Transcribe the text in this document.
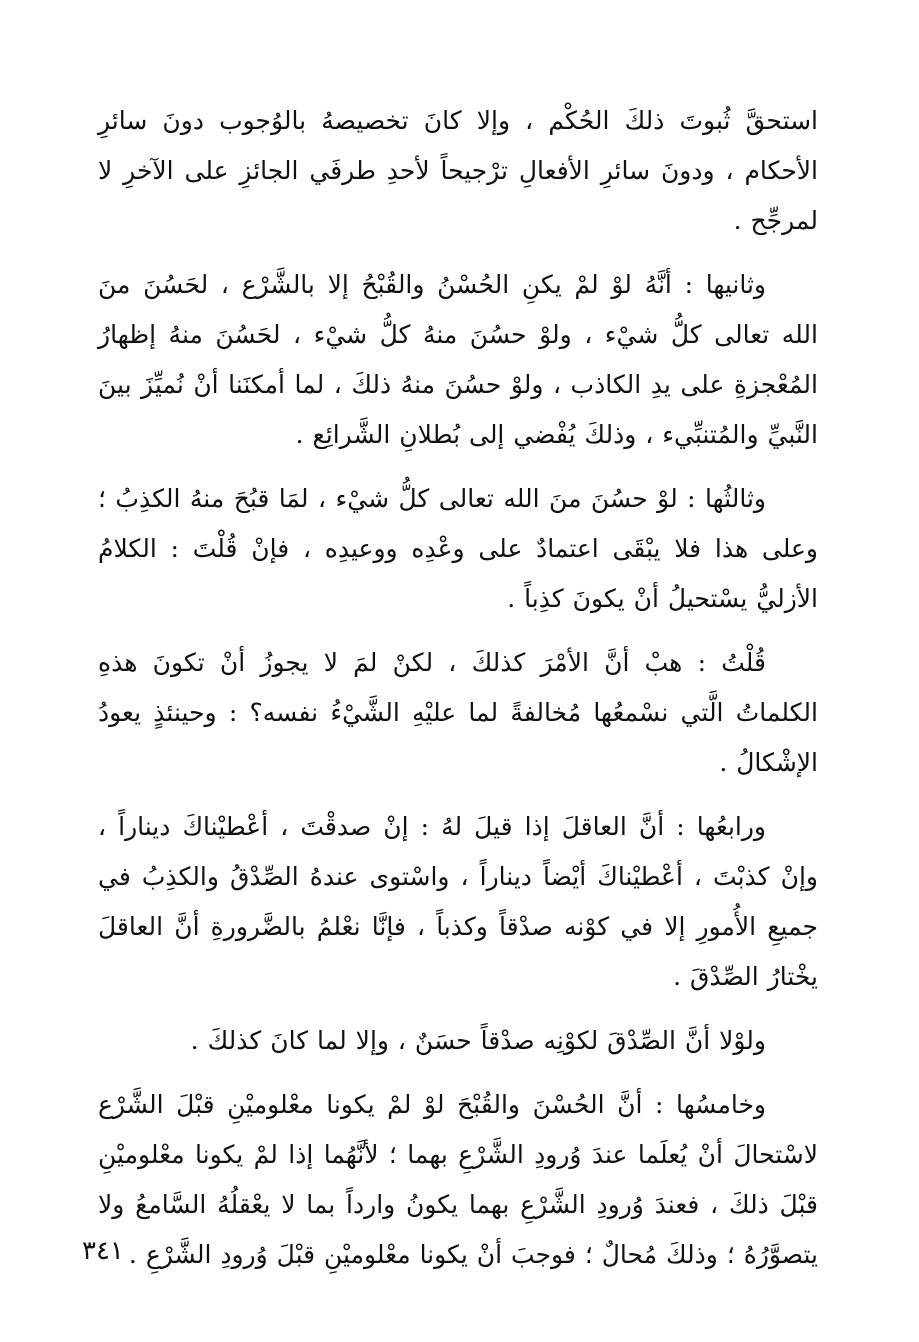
استحقَّ ثُبوتَ ذلكَ الحُكْم ، وإلا كانَ تخصيصهُ بالوُجوب دونَ سائرِ الأحكام ، ودونَ سائرِ الأفعالِ ترْجيحاً لأحدِ طرفَي الجائزِ على الآخرِ لا لمرجِّح .

وثانيها : أنَّهُ لوْ لمْ يكنِ الحُسْنُ والقُبْحُ إلا بالشَّرْع ، لحَسُنَ منَ الله تعالى كلُّ شيْء ، ولوْ حسُنَ منهُ كلُّ شيْء ، لحَسُنَ منهُ إظهارُ المُعْجزةِ على يدِ الكاذب ، ولوْ حسُنَ منهُ ذلكَ ، لما أمكنَنا أنْ نُميِّزَ بينَ النَّبيِّ والمُتنبِّيء ، وذلكَ يُفْضي إلى بُطلانِ الشَّرائِع .

وثالثُها : لوْ حسُنَ منَ الله تعالى كلُّ شيْء ، لمَا قبُحَ منهُ الكذِبُ ؛ وعلى هذا فلا يبْقَى اعتمادٌ على وعْدِه ووعيدِه ، فإنْ قُلْتَ : الكلامُ الأزليُّ يسْتحيلُ أنْ يكونَ كذِباً .

قُلْتُ : هبْ أنَّ الأمْرَ كذلكَ ، لكنْ لمَ لا يجوزُ أنْ تكونَ هذهِ الكلماتُ الَّتي نسْمعُها مُخالفةً لما عليْهِ الشَّيْءُ نفسه؟ : وحينئذٍ يعودُ الإشْكالُ .

ورابعُها : أنَّ العاقلَ إذا قيلَ لهُ : إنْ صدقْتَ ، أعْطيْناكَ ديناراً ، وإنْ كذبْتَ ، أعْطيْناكَ أيْضاً ديناراً ، واسْتوى عندهُ الصِّدْقُ والكذِبُ في جميعِ الأُمورِ إلا في كوْنه صدْقاً وكذباً ، فإنَّا نعْلمُ بالضَّرورةِ أنَّ العاقلَ يخْتارُ الصِّدْقَ .

ولوْلا أنَّ الصِّدْقَ لكوْنِه صدْقاً حسَنٌ ، وإلا لما كانَ كذلكَ .

وخامسُها : أنَّ الحُسْنَ والقُبْحَ لوْ لمْ يكونا معْلوميْنِ قبْلَ الشَّرْع لاسْتحالَ أنْ يُعلَما عندَ وُرودِ الشَّرْعِ بهما ؛ لأنَّهُما إذا لمْ يكونا معْلوميْنِ قبْلَ ذلكَ ، فعندَ وُرودِ الشَّرْعِ بهما يكونُ وارداً بما لا يعْقلُهُ السَّامعُ ولا يتصوَّرُهُ ؛ وذلكَ مُحالٌ ؛ فوجبَ أنْ يكونا معْلوميْنِ قبْلَ وُرودِ الشَّرْعِ .

٣٤١
